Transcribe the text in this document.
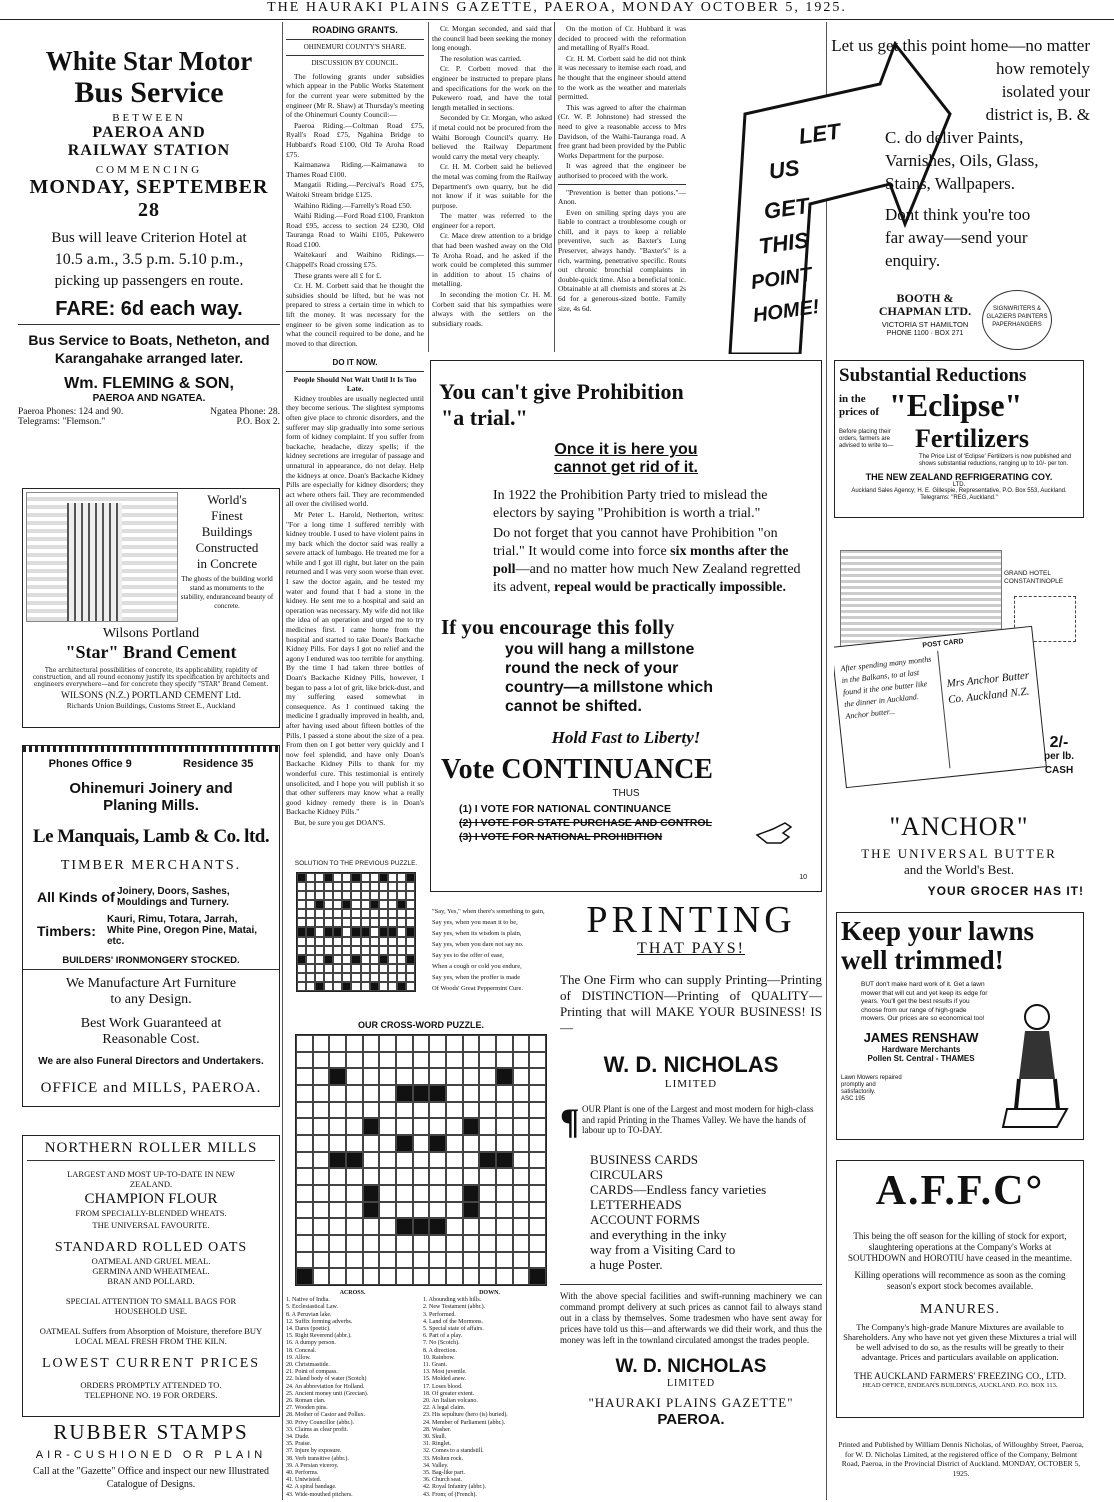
THE HAURAKI PLAINS GAZETTE, PAEROA, MONDAY OCTOBER 5, 1925.
White Star Motor
Bus Service
BETWEEN
PAEROA AND
RAILWAY STATION
COMMENCING
MONDAY, SEPTEMBER 28
Bus will leave Criterion Hotel at
10.5 a.m., 3.5 p.m. 5.10 p.m.,
picking up passengers en route.
FARE: 6d each way.
Bus Service to Boats, Netheton, and Karangahake arranged later.
Wm. FLEMING & SON,
PAEROA AND NGATEA.
Paeroa Phones: 124 and 90.	Ngatea Phone: 28.
Telegrams: "Flemson."	P.O. Box 2.
World's
Finest
Buildings
Constructed
in Concrete
The ghosts of the building world stand as monuments to the stability, enduranceand beauty of concrete.
Wilsons Portland
"Star" Brand Cement
The architectural possibilities of concrete, its applicability, rapidity of construction, and all round economy justify its specification by architects and engineers everywhere—and for concrete they specify "STAR" Brand Cement.
WILSONS (N.Z.) PORTLAND CEMENT Ltd.
Richards Union Buildings, Customs Street E., Auckland
Phones Office 9	Residence 35
Ohinemuri Joinery and
Planing Mills.
Le Manquais, Lamb & Co. ltd.
TIMBER MERCHANTS.
All Kinds of Joinery, Doors, Sashes, Mouldings and Turnery.
Timbers:
Kauri, Rimu, Totara, Jarrah, White Pine, Oregon Pine, Matai, etc.
BUILDERS' IRONMONGERY STOCKED.
We Manufacture Art Furniture
to any Design.
Best Work Guaranteed at
Reasonable Cost.
We are also Funeral Directors and Undertakers.
OFFICE and MILLS, PAEROA.
NORTHERN ROLLER MILLS
LARGEST AND MOST UP-TO-DATE IN NEW ZEALAND.
CHAMPION FLOUR
FROM SPECIALLY-BLENDED WHEATS.
THE UNIVERSAL FAVOURITE.
STANDARD ROLLED OATS
OATMEAL AND GRUEL MEAL.
GERMINA AND WHEATMEAL.
BRAN AND POLLARD.
SPECIAL ATTENTION TO SMALL BAGS FOR HOUSEHOLD USE.
OATMEAL Suffers from Absorption of Moisture, therefore BUY LOCAL MEAL FRESH FROM THE KILN.
LOWEST CURRENT PRICES
ORDERS PROMPTLY ATTENDED TO.
TELEPHONE NO. 19 FOR ORDERS.
RUBBER STAMPS
AIR-CUSHIONED OR PLAIN
Call at the "Gazette" Office and inspect our new Illustrated Catalogue of Designs.
ROADING GRANTS.
OHINEMURI COUNTY'S SHARE.
DISCUSSION BY COUNCIL.

The following grants under subsidies which appear in the Public Works Statement for the current year were submitted by the engineer (Mr R. Shaw) at Thursday's meeting of the Ohinemuri County Council:—

Paeroa Riding.—Coltman Road £75, Ryall's Road £75, Ngahina Bridge to Hubbard's Road £100, Old Te Aroha Road £75.

Kaimanawa Riding.—Kaimanawa to Thames Road £100.

Mangatii Riding.—Percival's Road £75, Waitoki Stream bridge £125.

Waihino Riding.—Farrelly's Road £50.

Waihi Riding.—Ford Road £100, Frankton Road £95, access to section 24 £230, Old Tauranga Road to Waihi £105, Pukewero Road £100.

Waitekauri and Waihino Ridings.—Chappell's Road crossing £75.

These grants were all £ for £.

Cr. H. M. Corbett said that he thought the subsidies should be lifted, but he was not prepared to stress a certain time in which to lift the money. It was necessary for the engineer to be given some indication as to what the council required to be done, and he moved to that direction.

Cr. Morgan seconded, and said that the council had been seeking the money long enough.

The resolution was carried.

Cr. P. Corbett moved that the engineer be instructed to prepare plans and specifications for the work on the Pukewero road, and have the total length metalled in sections.

Seconded by Cr. Morgan, who asked if metal could not be procured from the Waihi Borough Council's quarry. He believed the Railway Department would carry the metal very cheaply.

Cr. H. M. Corbett said he believed the metal was coming from the Railway Department's own quarry, but he did not know if it was suitable for the purpose.

The matter was referred to the engineer for a report.

Cr. Mace drew attention to a bridge that had been washed away on the Old Te Aroha Road, and he asked if the work could be completed this summer in addition to about 15 chains of metalling.

In seconding the motion Cr. H. M. Corbett said that his sympathies were always with the settlers on the subsidiary roads.

On the motion of Cr. Hubbard it was decided to proceed with the reformation and metalling of Ryall's Road.

Cr. H. M. Corbett said he did not think it was necessary to itemise each road, and he thought that the engineer should attend to the work as the weather and materials permitted.

This was agreed to after the chairman (Cr. W. P. Johnstone) had stressed the need to give a reasonable access to Mrs Davidson, of the Waihi-Tauranga road. A free grant had been provided by the Public Works Department for the purpose.

It was agreed that the engineer be authorised to proceed with the work.

"Prevention is better than potions."—Anon.

Even on smiling spring days you are liable to contract a troublesome cough or chill, and it pays to keep a reliable preventive, such as Baxter's Lung Preserver, always handy. "Baxter's" is a rich, warming, penetrative specific. Routs out chronic bronchial complaints in double-quick time. Also a beneficial tonic. Obtainable at all chemists and stores at 2s 6d for a generous-sized bottle. Family size, 4s 6d.

LET
US
GET
THIS
POINT
HOME!
Let us get this point home—no matter
how remotely
isolated your
district is, B. &
C. do deliver Paints,
Varnishes, Oils, Glass,
Stains, Wallpapers.
Dont think you're too
far away—send your
enquiry.
BOOTH & CHAPMAN LTD.
VICTORIA ST HAMILTON
PHONE 1100 · BOX 271
SIGNWRITERS & GLAZIERS PAINTERS PAPERHANGERS
You can't give Prohibition
"a trial."
Once it is here you
cannot get rid of it.
In 1922 the Prohibition Party tried to mislead the electors by saying "Prohibition is worth a trial."
Do not forget that you cannot have Prohibition "on trial." It would come into force six months after the poll—and no matter how much New Zealand regretted its advent, repeal would be practically impossible.
If you encourage this folly
you will hang a millstone
round the neck of your
country—a millstone which
cannot be shifted.
Hold Fast to Liberty!
Vote CONTINUANCE
THUS
(1) I VOTE FOR NATIONAL CONTINUANCE
(2) I VOTE FOR STATE PURCHASE AND CONTROL
(3) I VOTE FOR NATIONAL PROHIBITION
10
DO IT NOW.
People Should Not Wait Until It Is Too Late.

Kidney troubles are usually neglected until they become serious. The slightest symptoms often give place to chronic disorders, and the sufferer may slip gradually into some serious form of kidney complaint. If you suffer from backache, headache, dizzy spells; if the kidney secretions are irregular of passage and unnatural in appearance, do not delay. Help the kidneys at once. Doan's Backache Kidney Pills are especially for kidney disorders; they act where others fail. They are recommended all over the civilised world.

Mr Peter L. Harold, Netherton, writes: "For a long time I suffered terribly with kidney trouble. I used to have violent pains in my back which the doctor said was really a severe attack of lumbago. He treated me for a while and I got ill right, but later on the pain returned and I was very soon worse than ever. I saw the doctor again, and he tested my water and found that I had a stone in the kidney. He sent me to a hospital and said an operation was necessary. My wife did not like the idea of an operation and urged me to try medicines first. I came home from the hospital and started to take Doan's Backache Kidney Pills. For days I got no relief and the agony I endured was too terrible for anything. By the time I had taken three bottles of Doan's Backache Kidney Pills, however, I began to pass a lot of grit, like brick-dust, and my suffering eased somewhat in consequence. As I continued taking the medicine I gradually improved in health, and, after having used about fifteen bottles of the Pills, I passed a stone about the size of a pea. From then on I got better very quickly and I now feel splendid, and have only Doan's Backache Kidney Pills to thank for my wonderful cure. This testimonial is entirely unsolicited, and I hope you will publish it so that other sufferers may know what a really good kidney remedy there is in Doan's Backache Kidney Pills."

But, be sure you get DOAN'S.

SOLUTION TO THE PREVIOUS PUZZLE.
"Say, Yes," when there's something to gain,
Say yes, when you mean it to be,
Say yes, when its wisdom is plain,
Say yes, when you dare not say no.
Say yes to the offer of ease,
When a cough or cold you endure,
Say yes, when the proffer is made
Of Woods' Great Peppermint Cure.
OUR CROSS-WORD PUZZLE.
ACROSS.
1. Native of India.
5. Ecclesiastical Law.
8. A Peruvian lake.
12. Suffix forming adverbs.
14. Dares (poetic).
15. Right Reverend (abbr.).
16. A dumpy person.
18. Conceal.
19. Allow.
20. Christmastide.
21. Point of compass.
22. Island body of water (Scotch)
24. An abbreviation for Holland.
25. Ancient money unit (Grecian).
26. Roman clan.
27. Wooden pins.
28. Mother of Castor and Pollux.
30. Privy Councillor (abbr.).
33. Claims as clear profit.
34. Dude.
35. Praise.
37. Injure by exposure.
38. Verb transitive (abbr.).
39. A Persian viceroy.
40. Performs.
41. Untwisted.
42. A spiral bandage.
43. Wide-mouthed pitchers.
DOWN.
1. Abounding with hills.
2. New Testament (abbr.).
3. Performed.
4. Land of the Mormons.
5. Special state of affairs.
6. Part of a play.
7. No (Scotch).
8. A direction.
10. Rainbow.
11. Grant.
13. Most juvenile.
15. Molded anew.
17. Loses blood.
18. Of greater extent.
20. An Italian volcano.
22. A legal claim.
23. His sepulture (hero (is) buried).
24. Member of Parliament (abbr.).
28. Washer.
30. Skull.
31. Ringlet.
32. Comes to a standstill.
33. Molten rock.
34. Valley.
35. Bag-like part.
36. Church seat.
42. Royal Infantry (abbr.).
43. From; of (French).
PRINTING
THAT PAYS!
The One Firm who can supply Printing—Printing of DISTINCTION—Printing of QUALITY—Printing that will MAKE YOUR BUSINESS! IS—
W. D. NICHOLAS
LIMITED
¶ OUR Plant is one of the Largest and most modern for high-class and rapid Printing in the Thames Valley. We have the hands of labour up to TO-DAY.
BUSINESS CARDS
CIRCULARS
CARDS—Endless fancy varieties
LETTERHEADS
ACCOUNT FORMS
and everything in the inky
way from a Visiting Card to
a huge Poster.
With the above special facilities and swift-running machinery we can command prompt delivery at such prices as cannot fail to always stand out in a class by themselves. Some tradesmen who have sent away for prices have told us this—and afterwards we did their work, and thus the money was left in the townland circulated amongst the trades people.
W. D. NICHOLAS
LIMITED
"HAURAKI PLAINS GAZETTE"
PAEROA.
Substantial Reductions
in the
prices of "Eclipse"
Before placing their orders, farmers are advised to write to— Fertilizers
The Price List of 'Eclipse' Fertilizers is now published and shows substantial reductions, ranging up to 10/- per ton.
THE NEW ZEALAND REFRIGERATING COY.
LTD.
Auckland Sales Agency; H. E. Gillespie, Representative, P.O. Box 553, Auckland.
Telegrams: "REG, Auckland."
GRAND HOTEL
CONSTANTINOPLE
POST CARD
After spending many months in the Balkans, to at last found it the one butter like the dinner in Auckland. Anchor butter...
Mrs Anchor Butter Co. Auckland N.Z.
2/-
per lb.
CASH
"ANCHOR"
THE UNIVERSAL BUTTER
and the World's Best.
YOUR GROCER HAS IT!
Keep your lawns
well trimmed!
BUT don't make hard work of it. Get a lawn mower that will cut and yet keep its edge for years. You'll get the best results if you choose from our range of high-grade mowers. Our prices are so economical too!
JAMES RENSHAW
Hardware Merchants
Pollen St. Central - THAMES
Lawn Mowers repaired promptly and satisfactorily.
ASC 195
A.F.F.C°
This being the off season for the killing of stock for export, slaughtering operations at the Company's Works at SOUTHDOWN and HOROTIU have ceased in the meantime.
Killing operations will recommence as soon as the coming season's export stock becomes available.
MANURES.
The Company's high-grade Manure Mixtures are available to Shareholders. Any who have not yet given these Mixtures a trial will be well advised to do so, as the results will be greatly to their advantage. Prices and particulars available on application.
THE AUCKLAND FARMERS' FREEZING CO., LTD.
HEAD OFFICE, ENDEAN'S BUILDINGS, AUCKLAND. P.O. BOX 113.
Printed and Published by William Dennis Nicholas, of Willoughby Street, Paeroa, for W. D. Nicholas Limited, at the registered office of the Company, Belmont Road, Paeroa, in the Provincial District of Auckland. MONDAY, OCTOBER 5, 1925.
